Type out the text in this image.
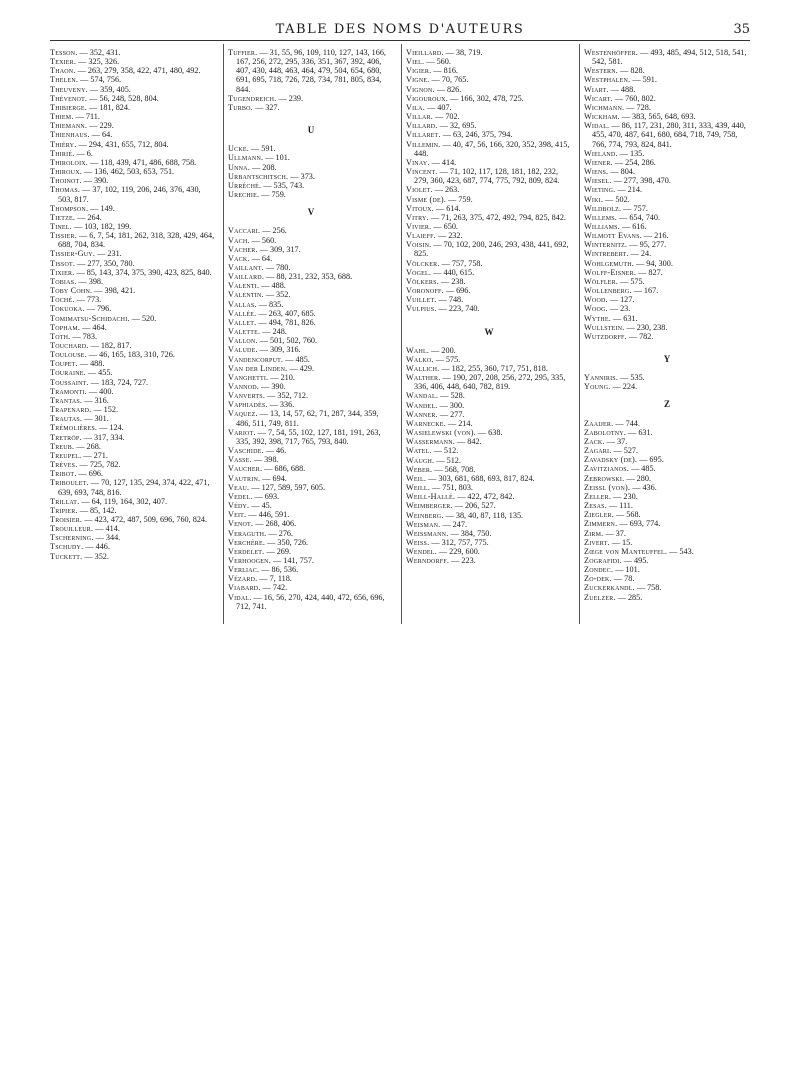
TABLE DES NOMS D'AUTEURS	35
Tesson. — 352, 431.
Texier. — 325, 326.
Thaon. — 263, 279, 358, 422, 471, 480, 492.
Thelen. — 574, 756.
Theuveny. — 359, 405.
Thévenot. — 56, 248, 528, 804.
Thibierge. — 181, 824.
Thiem. — 711.
Thiemann. — 229.
Thienhaus. — 64.
Thiéry. — 294, 431, 655, 712, 804.
Thirié. — 6.
Thiroloix. — 118, 439, 471, 486, 688, 758.
Thiroux. — 136, 462, 503, 653, 751.
Thoinot. — 390.
Thomas. — 37, 102, 119, 206, 246, 376, 430, 503, 817.
Thompson. — 149.
Tietze. — 264.
Tinel. — 103, 182, 199.
Tissier. — 6, 7, 54, 181, 262, 318, 328, 429, 464, 688, 704, 834.
Tissier-Guy. — 231.
Tissot. — 277, 350, 780.
Tixier. — 85, 143, 374, 375, 390, 423, 825, 840.
Tobias. — 398.
Toby Cohn. — 398, 421.
Toché. — 773.
Tokuoka. — 796.
Tomimatsu-Schidachi. — 520.
Topham. — 464.
Toth. — 783.
Touchard. — 182, 817.
Toulouse. — 46, 165, 183, 310, 726.
Toupet. — 488.
Touraine. — 455.
Toussaint. — 183, 724, 727.
Tramonti. — 400.
Trantas. — 316.
Trapenard. — 152.
Trautas. — 301.
Trémolières. — 124.
Tretröp. — 317, 334.
Treub. — 268.
Treupel. — 271.
Trèves. — 725, 782.
Tribot. — 696.
Triboulet. — 70, 127, 135, 294, 374, 422, 471, 639, 693, 748, 816.
Trillat. — 64, 119, 164, 302, 407.
Tripier. — 85, 142.
Troisier. — 423, 472, 487, 509, 696, 760, 824.
Trouilleur. — 414.
Tscherning. — 344.
Tschudy. — 446.
Tuckett. — 352.
Tuffier. — 31, 55, 96, 109, 110, 127, 143, 166, 167, 256, 272, 295, 336, 351, 367, 392, 406, 407, 430, 448, 463, 464, 479, 504, 654, 680, 691, 695, 718, 726, 728, 734, 781, 805, 834, 844.
Tugendreich. — 239.
Turbo. — 327.
U
Ucke. — 591.
Ullmann. — 101.
Unna. — 208.
Urbantschitsch. — 373.
Urréché. — 535, 743.
Urechie. — 759.
V
Vaccari. — 256.
Vach. — 560.
Vacher. — 309, 317.
Vack. — 64.
Vaillant. — 780.
Vaillard. — 88, 231, 232, 353, 688.
Valenti. — 488.
Valentin. — 352.
Vallas. — 835.
Vallée. — 263, 407, 685.
Vallet. — 494, 781, 826.
Valette. — 248.
Vallon. — 501, 502, 760.
Valude. — 309, 316.
Vandencorput. — 485.
Van der Linden. — 429.
Vanghetti. — 210.
Vannod. — 390.
Vanverts. — 352, 712.
Vaphiadès. — 336.
Vaquez. — 13, 14, 57, 62, 71, 287, 344, 359, 486, 511, 749, 811.
Variot. — 7, 54, 55, 102, 127, 181, 191, 263, 335, 392, 398, 717, 765, 793, 840.
Vaschide. — 46.
Vasse. — 398.
Vaucher. — 686, 688.
Vautrin. — 694.
Veau. — 127, 589, 597, 605.
Vedel. — 693.
Védy. — 45.
Veit. — 446, 591.
Venot. — 268, 406.
Veraguth. — 276.
Verchère. — 350, 726.
Verdelet. — 269.
Verhoogen. — 141, 757.
Verliac. — 86, 536.
Vézard. — 7, 118.
Viabard. — 742.
Vidal. — 16, 56, 270, 424, 440, 472, 656, 696, 712, 741.
Vieillard. — 38, 719.
Viel. — 560.
Vigier. — 816.
Vigne. — 70, 765.
Vignon. — 826.
Vigouroux. — 166, 302, 478, 725.
Vila. — 407.
Villar. — 702.
Villard. — 32, 695.
Villaret. — 63, 246, 375, 794.
Villemin. — 40, 47, 56, 166, 320, 352, 398, 415, 448.
Vinay. — 414.
Vincent. — 71, 102, 117, 128, 181, 182, 232, 279, 360, 423, 687, 774, 775, 792, 809, 824.
Violet. — 263.
Visme (de). — 759.
Vitoux. — 614.
Vitry. — 71, 263, 375, 472, 492, 794, 825, 842.
Vivier. — 650.
Vlaieff. — 232.
Voisin. — 70, 102, 200, 246, 293, 438, 441, 692, 825.
Völcker. — 757, 758.
Vogel. — 440, 615.
Völkers. — 238.
Voronoff. — 696.
Vuillet. — 748.
Vulpius. — 223, 740.
W
Wahl. — 200.
Walko. — 575.
Wallich. — 182, 255, 360, 717, 751, 818.
Walther. — 190, 207, 208, 256, 272, 295, 335, 336, 406, 448, 640, 782, 819.
Wandal. — 528.
Wandel. — 300.
Wanner. — 277.
Warnecke. — 214.
Wasielewski (von). — 638.
Wassermann. — 842.
Watel. — 512.
Waugh. — 512.
Weber. — 568, 708.
Weil. — 303, 681, 688, 693, 817, 824.
Weill. — 751, 803.
Weill-Hallé. — 422, 472, 842.
Weimberger. — 206, 527.
Weinberg. — 38, 40, 87, 118, 135.
Weisman. — 247.
Weissmann. — 384, 750.
Weiss. — 312, 757, 775.
Wendel. — 229, 600.
Werndorff. — 223.
Westenhöffer. — 493, 485, 494, 512, 518, 541, 542, 581.
Western. — 828.
Westphalen. — 591.
Wiart. — 488.
Wicart. — 760, 802.
Wichmann. — 728.
Wickham. — 383, 565, 648, 693.
Widal. — 86, 117, 231, 280, 311, 333, 439, 440, 455, 470, 487, 641, 680, 684, 718, 749, 758, 766, 774, 793, 824, 841.
Wieland. — 135.
Wiener. — 254, 286.
Wiens. — 804.
Wiesel. — 277, 398, 470.
Wieting. — 214.
Wiki. — 502.
Wildbolz. — 757.
Willems. — 654, 740.
Williams. — 616.
Wilmott Evans. — 216.
Winternitz. — 95, 277.
Wintrebert. — 24.
Wohlgemuth. — 94, 300.
Wolff-Eisner. — 827.
Wölfler. — 575.
Wollenberg. — 167.
Wood. — 127.
Woog. — 23.
Wythe. — 631.
Wullstein. — 230, 238.
Wutzdorff. — 782.
Y
Yanniris. — 535.
Young. — 224.
Z
Zaaijer. — 744.
Zabolotny. — 631.
Zack. — 37.
Zagari. — 527.
Zavadsky (de). — 695.
Zavitzianos. — 485.
Zebrowski. — 280.
Zeissl (von). — 436.
Zeller. — 230.
Zesas. — 111.
Ziegler. — 568.
Zimmern. — 693, 774.
Zirm. — 37.
Zivert. — 15.
Zœge von Manteuffel. — 543.
Zografidi. — 495.
Zondec. — 101.
Zo-dek. — 78.
Zuckerkandl. — 758.
Zuelzer. — 285.
